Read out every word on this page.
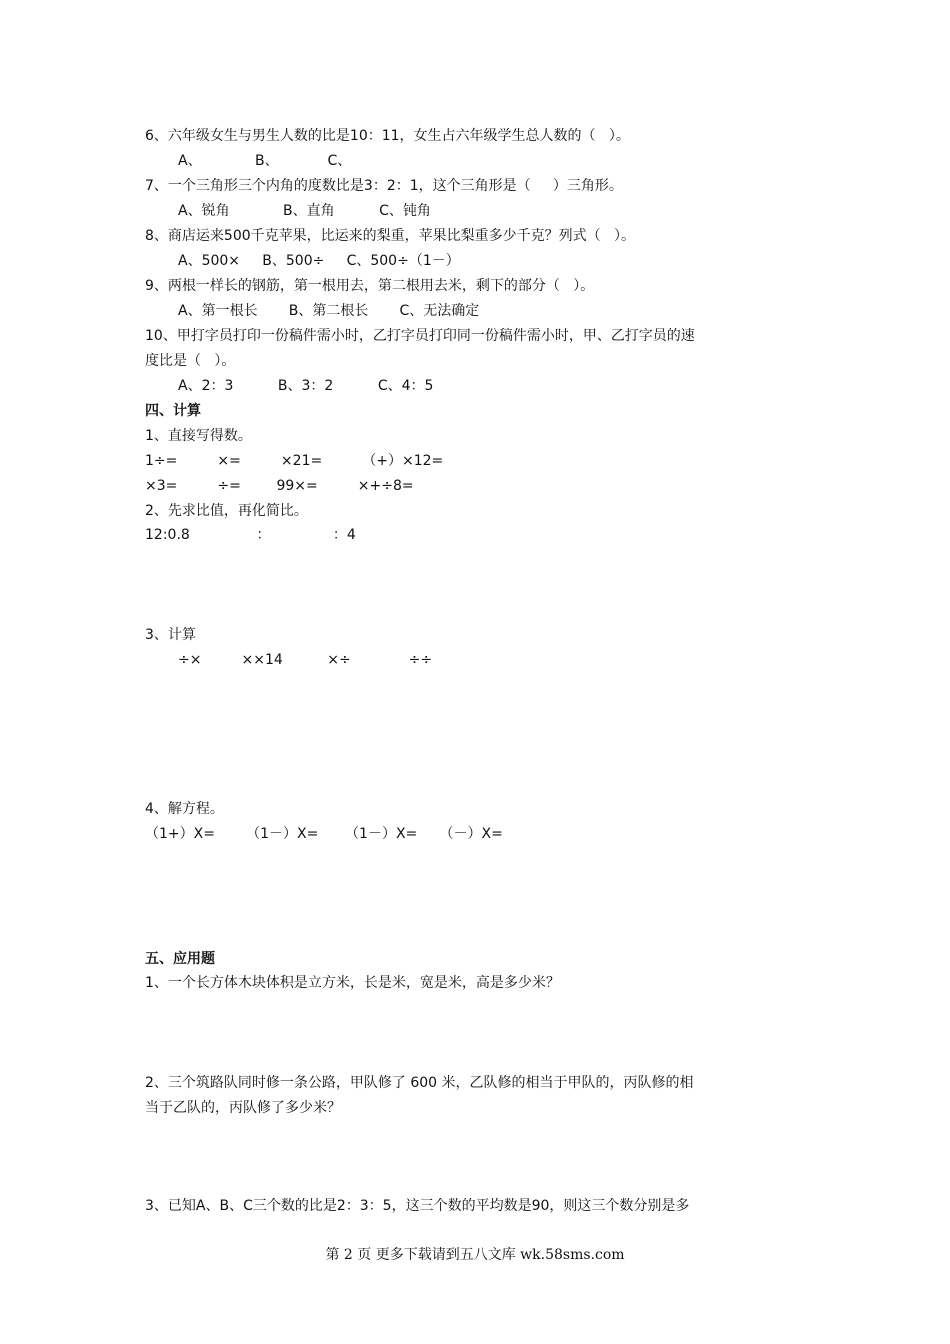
6、六年级女生与男生人数的比是10：11，女生占六年级学生总人数的（   ）。
A、            B、           C、
7、一个三角形三个内角的度数比是3：2：1，这个三角形是（     ）三角形。
A、锐角            B、直角          C、钝角
8、商店运来500千克苹果，比运来的梨重，苹果比梨重多少千克？列式（   ）。
A、500×     B、500÷     C、500÷（1－）
9、两根一样长的钢筋，第一根用去，第二根用去米，剩下的部分（   ）。
A、第一根长       B、第二根长       C、无法确定
10、甲打字员打印一份稿件需小时，乙打字员打印同一份稿件需小时，甲、乙打字员的速
度比是（   ）。
A、2：3          B、3：2          C、4：5
四、计算
1、直接写得数。
1÷=         ×=         ×21=         （+）×12=
×3=         ÷=        99×=         ×+÷8=
2、先求比值，再化简比。
12:0.8               ：              ：4
3、计算
÷×         ××14          ×÷             ÷÷
4、解方程。
（1+）X=       （1－）X=      （1－）X=     （－）X=
五、应用题
1、一个长方体木块体积是立方米，长是米，宽是米，高是多少米？
2、三个筑路队同时修一条公路，甲队修了 600 米，乙队修的相当于甲队的，丙队修的相
当于乙队的，丙队修了多少米？
3、已知A、B、C三个数的比是2：3：5，这三个数的平均数是90，则这三个数分别是多
第 2 页 更多下载请到五八文库 wk.58sms.com
